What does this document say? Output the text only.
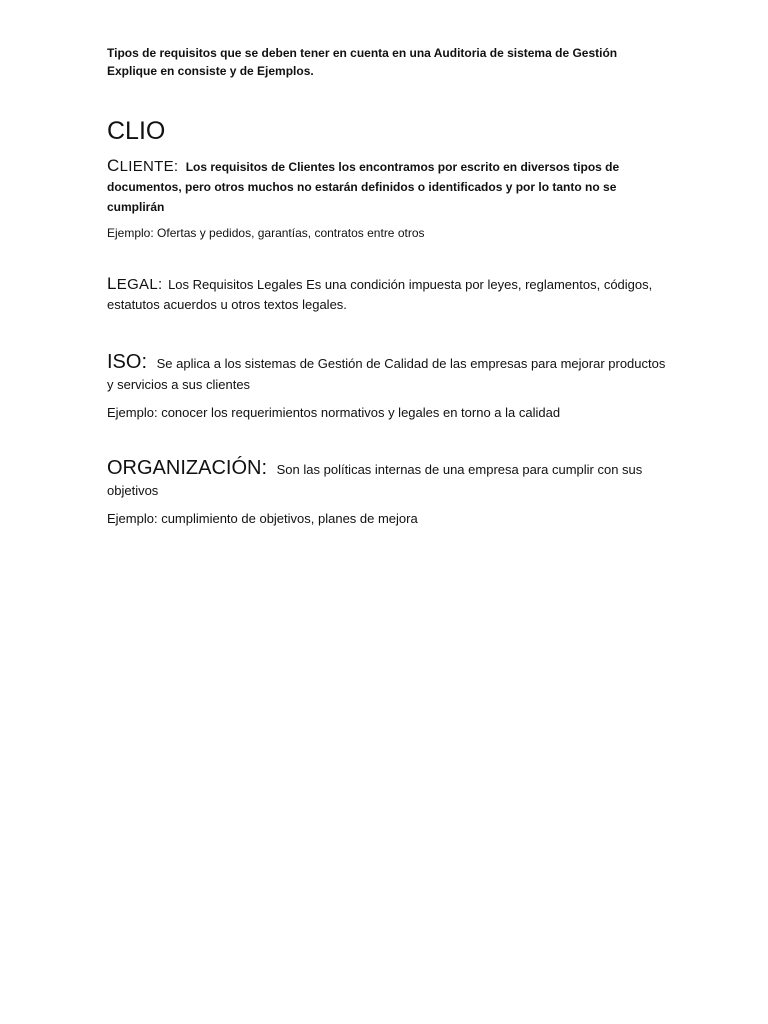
Tipos de requisitos que se deben tener en cuenta en una Auditoria de sistema de Gestión
Explique en consiste y de Ejemplos.

CLIO

CLIENTE: Los requisitos de Clientes los encontramos por escrito en diversos tipos de documentos, pero otros muchos no estarán definidos o identificados y por lo tanto no se cumplirán

Ejemplo: Ofertas y pedidos, garantías, contratos entre otros

LEGAL: Los Requisitos Legales Es una condición impuesta por leyes, reglamentos, códigos, estatutos acuerdos u otros textos legales.

ISO: Se aplica a los sistemas de Gestión de Calidad de las empresas para mejorar productos y servicios a sus clientes

Ejemplo: conocer los requerimientos normativos y legales en torno a la calidad

ORGANIZACIÓN: Son las políticas internas de una empresa para cumplir con sus objetivos

Ejemplo: cumplimiento de objetivos, planes de mejora
